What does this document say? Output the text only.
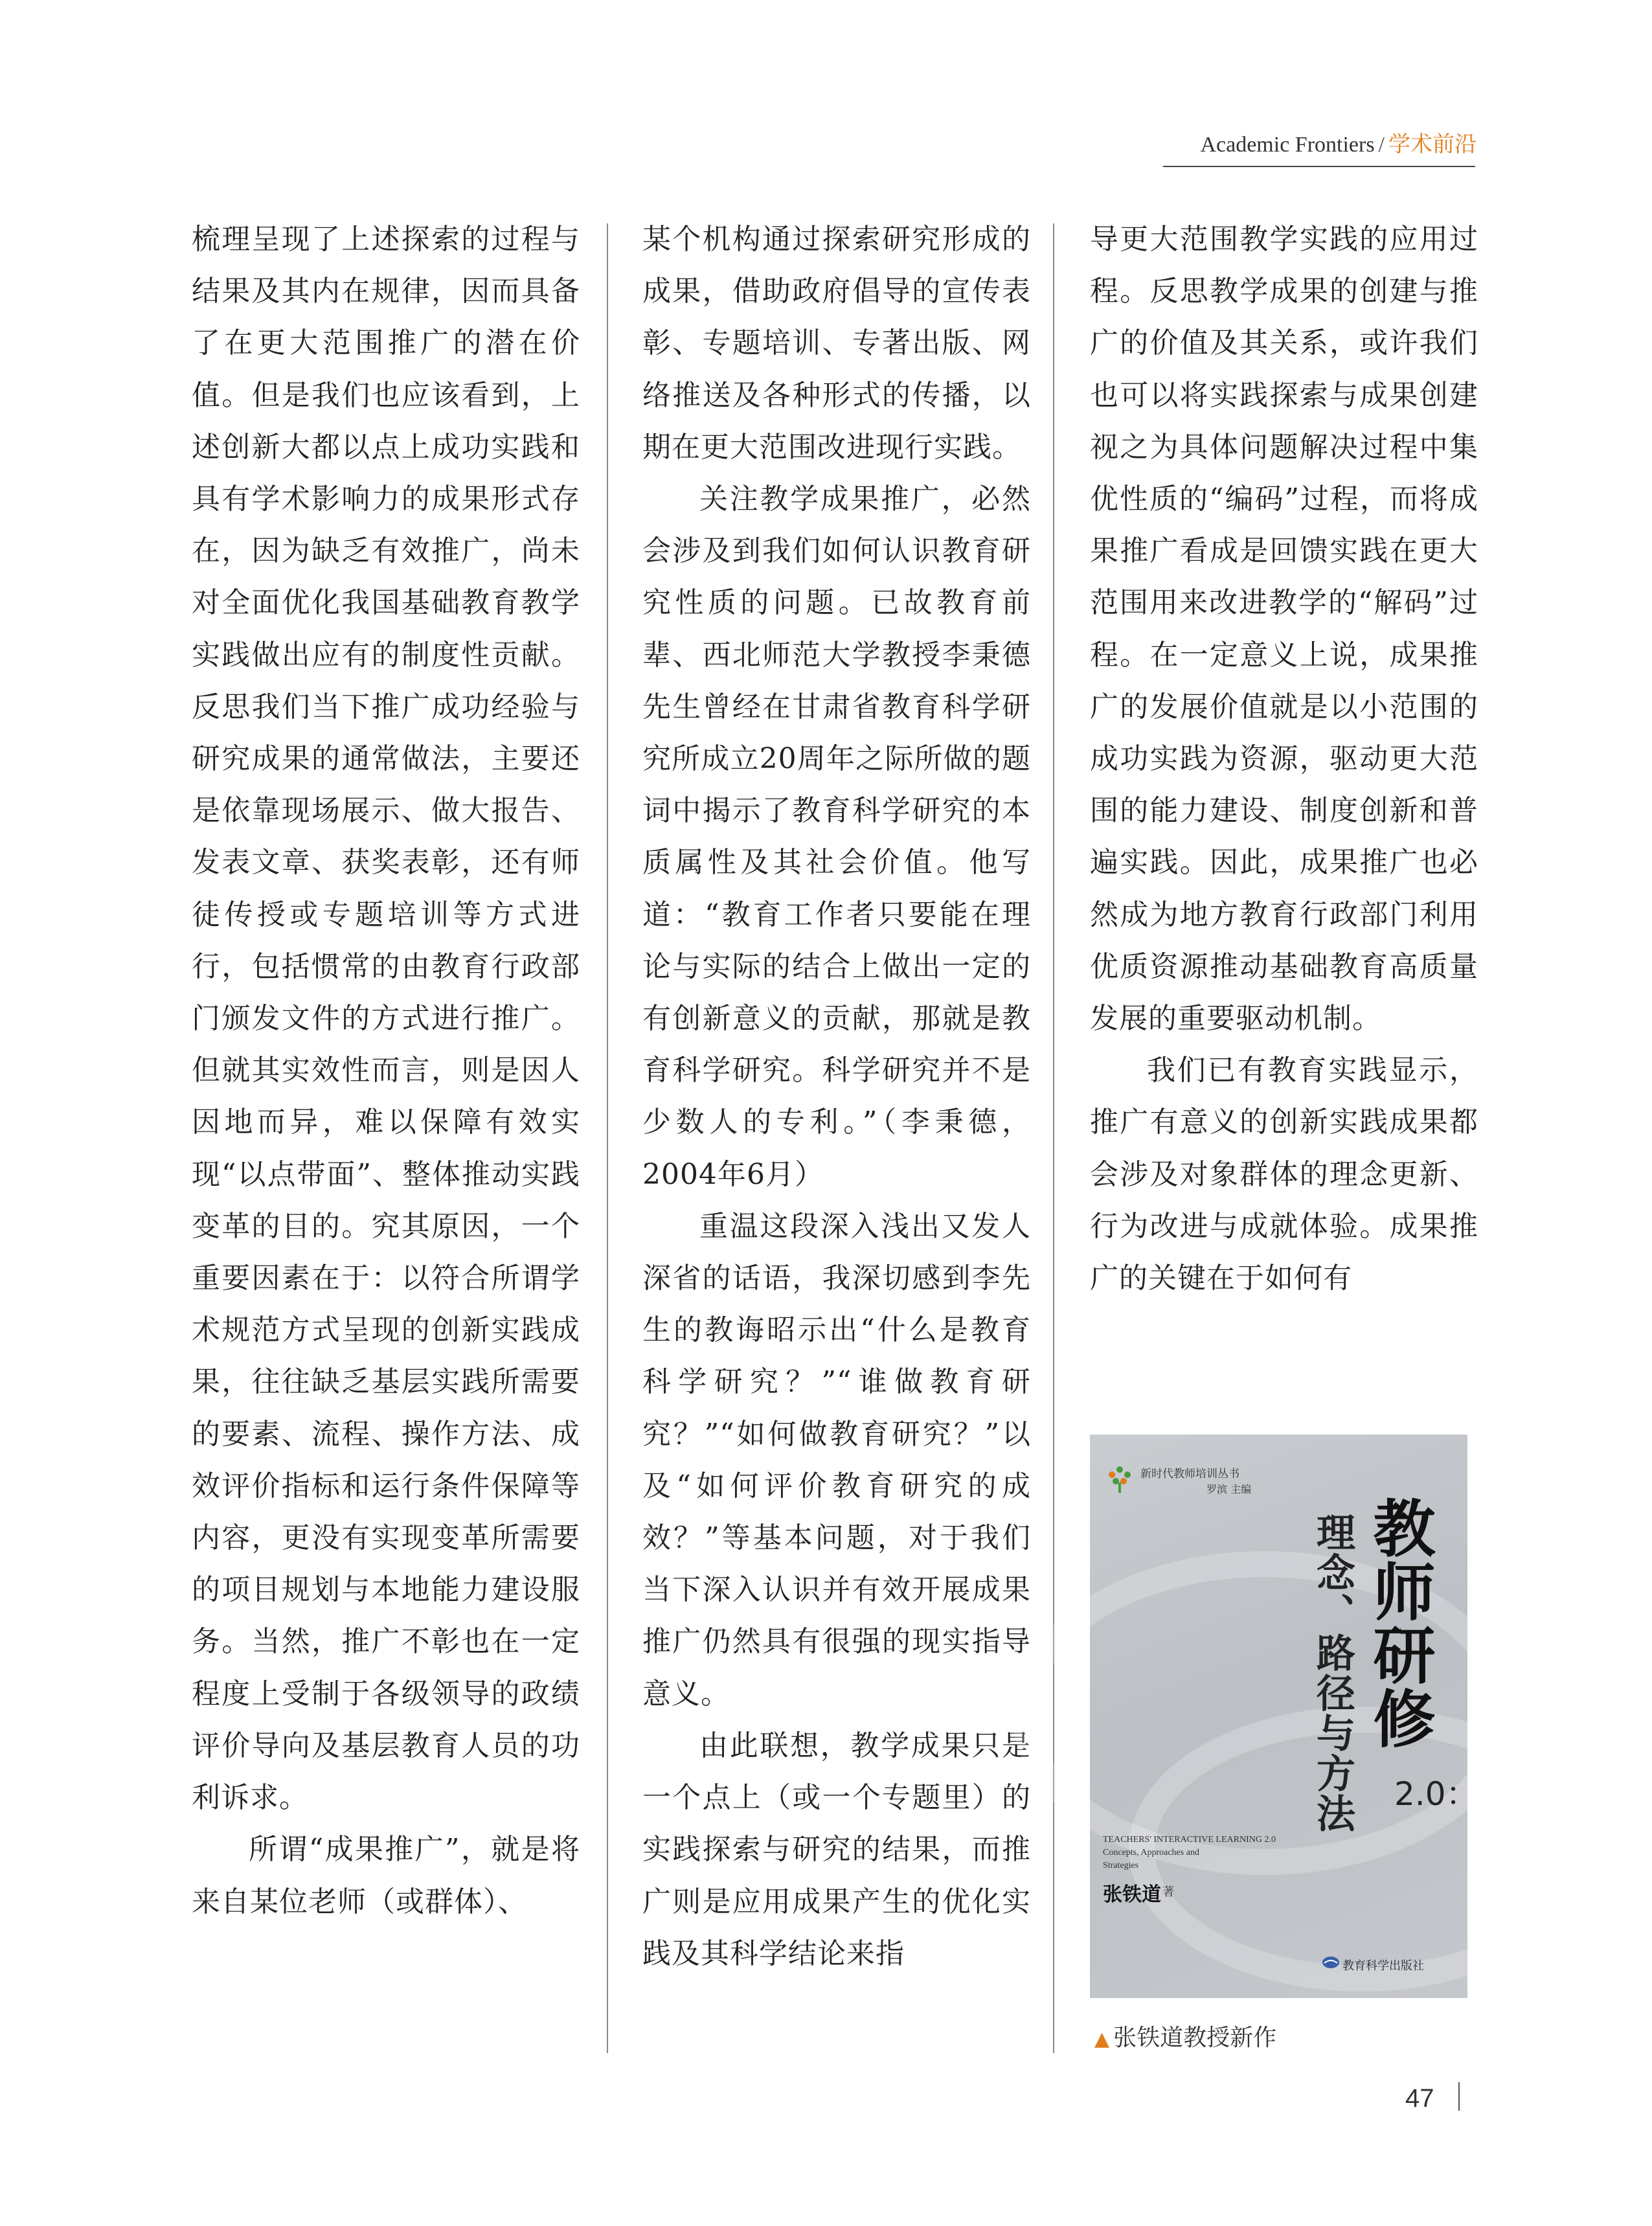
Academic Frontiers / 学术前沿

梳理呈现了上述探索的过程与结果及其内在规律，因而具备了在更大范围推广的潜在价值。但是我们也应该看到，上述创新大都以点上成功实践和具有学术影响力的成果形式存在，因为缺乏有效推广，尚未对全面优化我国基础教育教学实践做出应有的制度性贡献。反思我们当下推广成功经验与研究成果的通常做法，主要还是依靠现场展示、做大报告、发表文章、获奖表彰，还有师徒传授或专题培训等方式进行，包括惯常的由教育行政部门颁发文件的方式进行推广。但就其实效性而言，则是因人因地而异，难以保障有效实现“以点带面”、整体推动实践变革的目的。究其原因，一个重要因素在于：以符合所谓学术规范方式呈现的创新实践成果，往往缺乏基层实践所需要的要素、流程、操作方法、成效评价指标和运行条件保障等内容，更没有实现变革所需要的项目规划与本地能力建设服务。当然，推广不彰也在一定程度上受制于各级领导的政绩评价导向及基层教育人员的功利诉求。

所谓“成果推广”，就是将来自某位老师（或群体）、

某个机构通过探索研究形成的成果，借助政府倡导的宣传表彰、专题培训、专著出版、网络推送及各种形式的传播，以期在更大范围改进现行实践。

关注教学成果推广，必然会涉及到我们如何认识教育研究性质的问题。已故教育前辈、西北师范大学教授李秉德先生曾经在甘肃省教育科学研究所成立20周年之际所做的题词中揭示了教育科学研究的本质属性及其社会价值。他写道：“教育工作者只要能在理论与实际的结合上做出一定的有创新意义的贡献，那就是教育科学研究。科学研究并不是少数人的专利。”（李秉德，2004年6月）

重温这段深入浅出又发人深省的话语，我深切感到李先生的教诲昭示出“什么是教育科学研究？”“谁做教育研究？”“如何做教育研究？”以及“如何评价教育研究的成效？”等基本问题，对于我们当下深入认识并有效开展成果推广仍然具有很强的现实指导意义。

由此联想，教学成果只是一个点上（或一个专题里）的实践探索与研究的结果，而推广则是应用成果产生的优化实践及其科学结论来指

导更大范围教学实践的应用过程。反思教学成果的创建与推广的价值及其关系，或许我们也可以将实践探索与成果创建视之为具体问题解决过程中集优性质的“编码”过程，而将成果推广看成是回馈实践在更大范围用来改进教学的“解码”过程。在一定意义上说，成果推广的发展价值就是以小范围的成功实践为资源，驱动更大范围的能力建设、制度创新和普遍实践。因此，成果推广也必然成为地方教育行政部门利用优质资源推动基础教育高质量发展的重要驱动机制。

我们已有教育实践显示，推广有意义的创新实践成果都会涉及对象群体的理念更新、行为改进与成就体验。成果推广的关键在于如何有

新时代教师培训丛书
罗滨 主编
教师研修
理念、路径与方法 2.0：
TEACHERS' INTERACTIVE LEARNING 2.0
Concepts, Approaches and
Strategies
张铁道 著
教育科学出版社
▲ 张铁道教授新作
47
